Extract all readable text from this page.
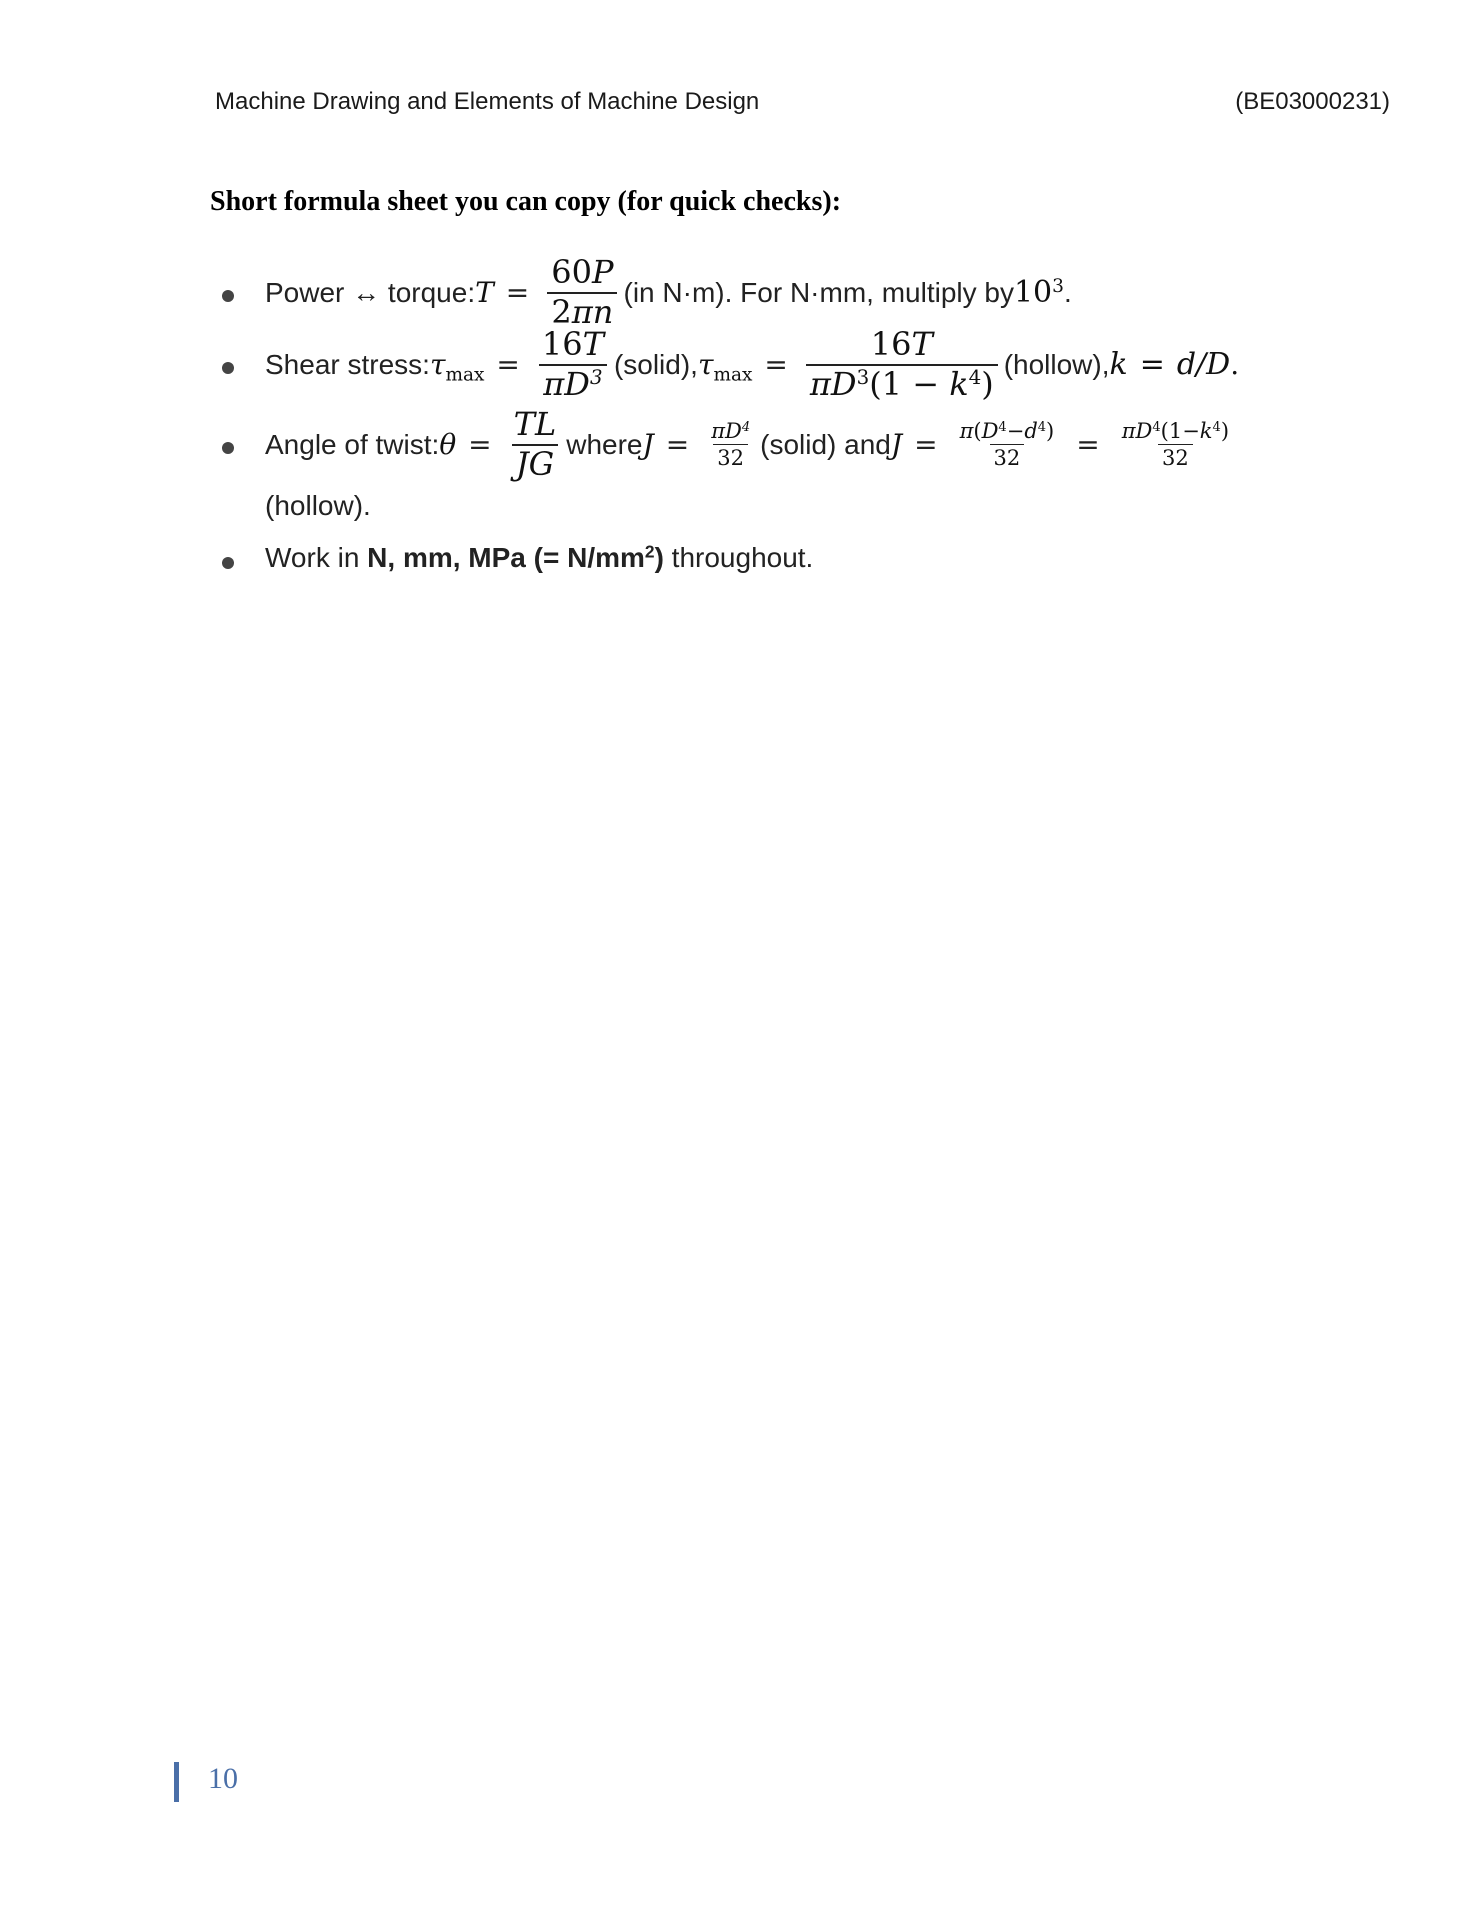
Machine Drawing and Elements of Machine Design	(BE03000231)
Short formula sheet you can copy (for quick checks):
Power ↔ torque: $T = \frac{60P}{2\pi n} (in$ N·m). For N·mm, multiply by $10^3$ .
Shear stress: $\tau_{max} = \frac{16T}{\pi D^3}$ (solid), $\tau_{max} = \frac{16T}{\pi D^3(1 - k^4)}$ (hollow), k = d/D .
Angle of twist: $\theta = \frac{TL}{JG}$ where $J = \frac{\pi D^4}{32}$ (solid) and $J = \frac{\pi(D^4-d^4)}{32} = \frac{\pi D^4(1-k^4)}{32}$
(hollow).
Work in N, mm, MPa (= $N/mm^2$) throughout.
10
